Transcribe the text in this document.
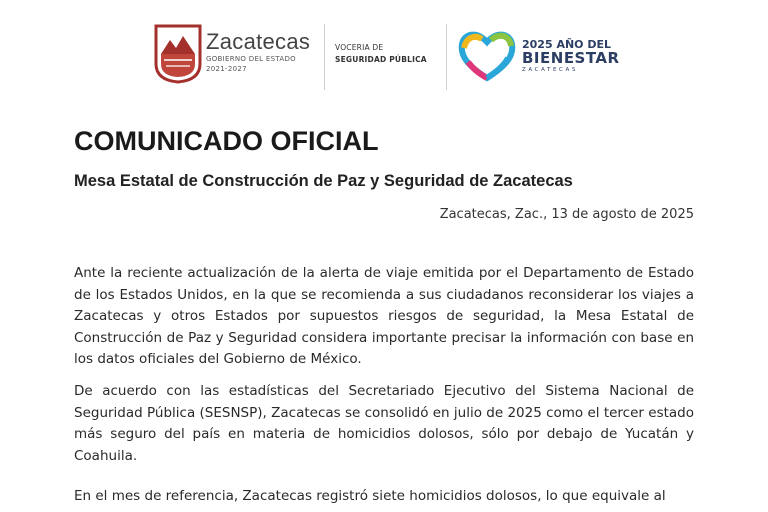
Zacatecas
GOBIERNO DEL ESTADO
2021-2027
VOCERIA DE
SEGURIDAD PÚBLICA
2025 AÑO DEL
BIENESTAR
ZACATECAS
COMUNICADO OFICIAL
Mesa Estatal de Construcción de Paz y Seguridad de Zacatecas
Zacatecas, Zac., 13 de agosto de 2025

Ante la reciente actualización de la alerta de viaje emitida por el Departamento de Estado de los Estados Unidos, en la que se recomienda a sus ciudadanos reconsiderar los viajes a Zacatecas y otros Estados por supuestos riesgos de seguridad, la Mesa Estatal de Construcción de Paz y Seguridad considera importante precisar la información con base en los datos oficiales del Gobierno de México.

De acuerdo con las estadísticas del Secretariado Ejecutivo del Sistema Nacional de Seguridad Pública (SESNSP), Zacatecas se consolidó en julio de 2025 como el tercer estado más seguro del país en materia de homicidios dolosos, sólo por debajo de Yucatán y Coahuila.

En el mes de referencia, Zacatecas registró siete homicidios dolosos, lo que equivale al
